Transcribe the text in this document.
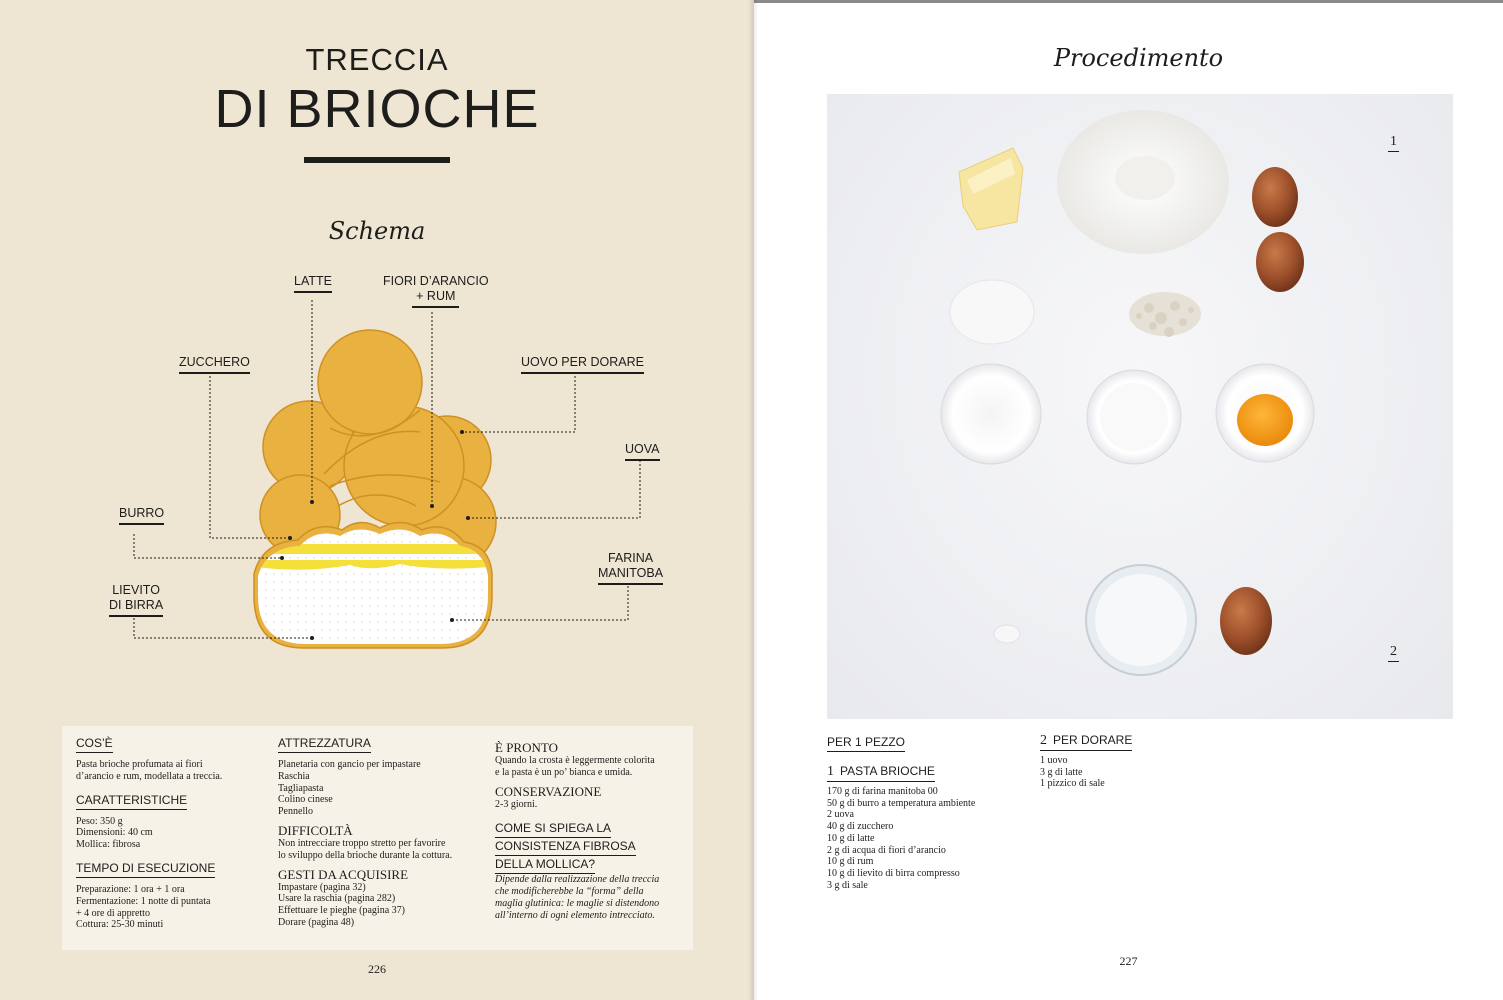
TRECCIA
DI BRIOCHE
Schema
LATTE	FIORI D’ARANCIO
+ RUM
ZUCCHERO	UOVO PER DORARE
UOVA
BURRO
FARINA
MANITOBA
LIEVITO
DI BIRRA
COS’È
Pasta brioche profumata ai fiori
d’arancio e rum, modellata a treccia.
CARATTERISTICHE
Peso: 350 g
Dimensioni: 40 cm
Mollica: fibrosa
TEMPO DI ESECUZIONE
Preparazione: 1 ora + 1 ora
Fermentazione: 1 notte di puntata
+ 4 ore di appretto
Cottura: 25-30 minuti
ATTREZZATURA
Planetaria con gancio per impastare
Raschia
Tagliapasta
Colino cinese
Pennello
DIFFICOLTÀ
Non intrecciare troppo stretto per favorire
lo sviluppo della brioche durante la cottura.
GESTI DA ACQUISIRE
Impastare (pagina 32)
Usare la raschia (pagina 282)
Effettuare le pieghe (pagina 37)
Dorare (pagina 48)
È PRONTO
Quando la crosta è leggermente colorita
e la pasta è un po’ bianca e umida.
CONSERVAZIONE
2-3 giorni.
COME SI SPIEGA LA
CONSISTENZA FIBROSA
DELLA MOLLICA?
Dipende dalla realizzazione della treccia
che modificherebbe la “forma” della
maglia glutinica: le maglie si distendono
all’interno di ogni elemento intrecciato.
226
Procedimento
1
2
PER 1 PEZZO
1 PASTA BRIOCHE
170 g di farina manitoba 00
50 g di burro a temperatura ambiente
2 uova
40 g di zucchero
10 g di latte
2 g di acqua di fiori d’arancio
10 g di rum
10 g di lievito di birra compresso
3 g di sale
2 PER DORARE
1 uovo
3 g di latte
1 pizzico di sale
227
